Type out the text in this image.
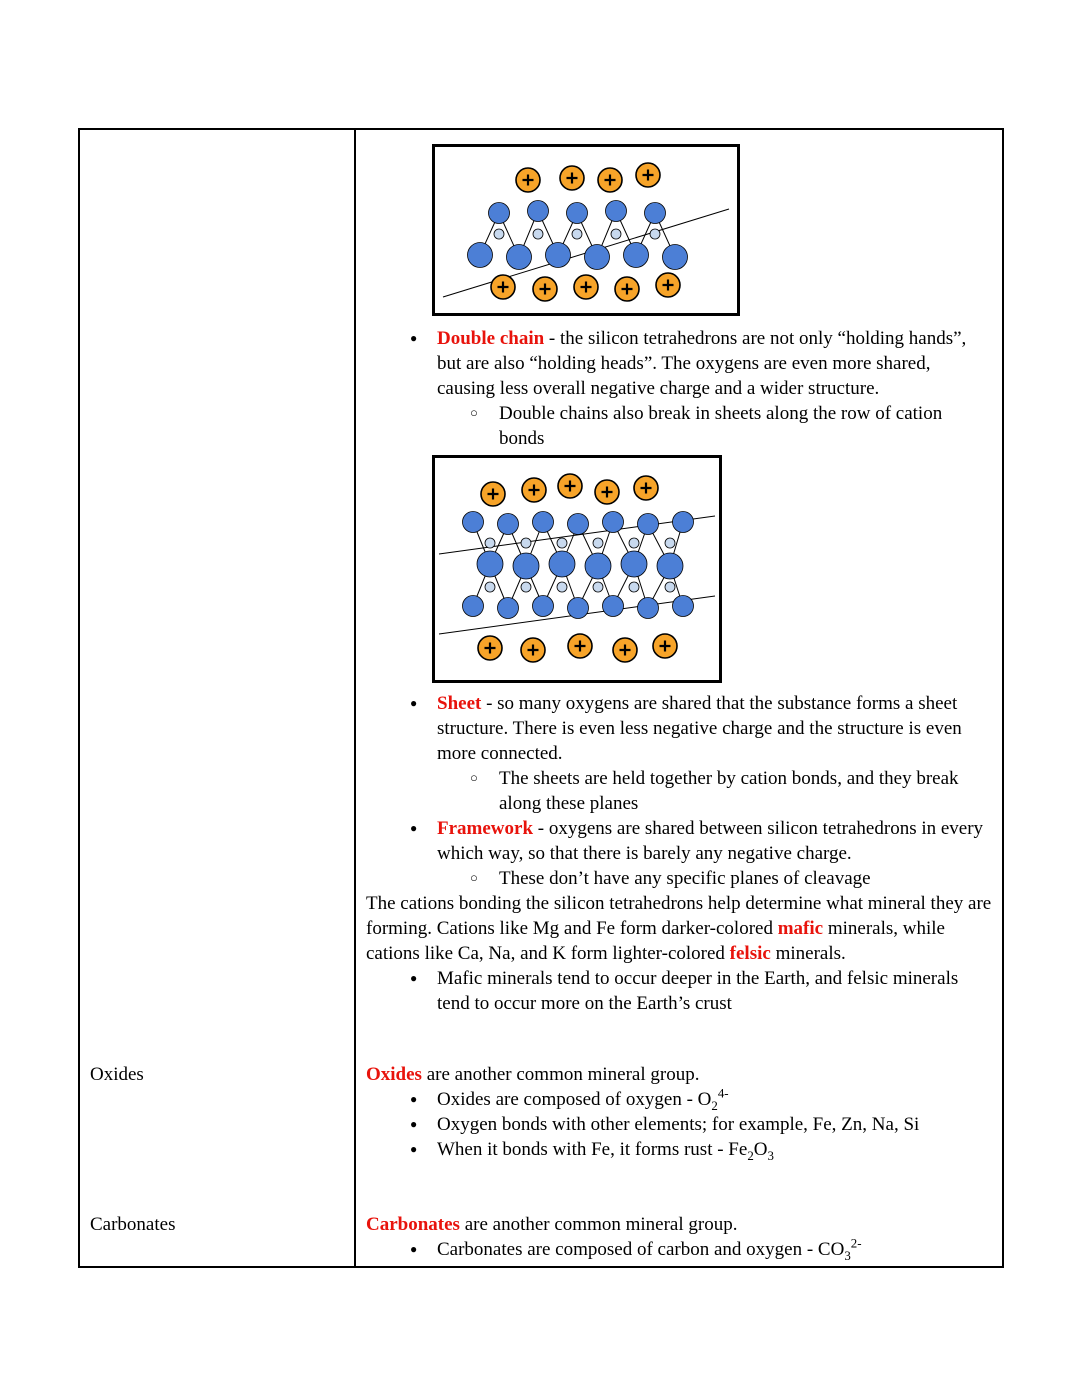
● Double chain - the silicon tetrahedrons are not only “holding hands”, but are also “holding heads”. The oxygens are even more shared, causing less overall negative charge and a wider structure.
○ Double chains also break in sheets along the row of cation bonds
● Sheet - so many oxygens are shared that the substance forms a sheet structure. There is even less negative charge and the structure is even more connected.
○ The sheets are held together by cation bonds, and they break along these planes
● Framework - oxygens are shared between silicon tetrahedrons in every which way, so that there is barely any negative charge.
○ These don’t have any specific planes of cleavage

The cations bonding the silicon tetrahedrons help determine what mineral they are forming. Cations like Mg and Fe form darker-colored mafic minerals, while cations like Ca, Na, and K form lighter-colored felsic minerals.

● Mafic minerals tend to occur deeper in the Earth, and felsic minerals tend to occur more on the Earth’s crust

Oxides	Oxides are another common mineral group.

● Oxides are composed of oxygen - $O_2^{4-}$
● Oxygen bonds with other elements; for example, Fe, Zn, Na, Si
● When it bonds with Fe, it forms rust - $Fe_2O_3$

Carbonates	Carbonates are another common mineral group.

● Carbonates are composed of carbon and oxygen - $CO_3^{2-}$
